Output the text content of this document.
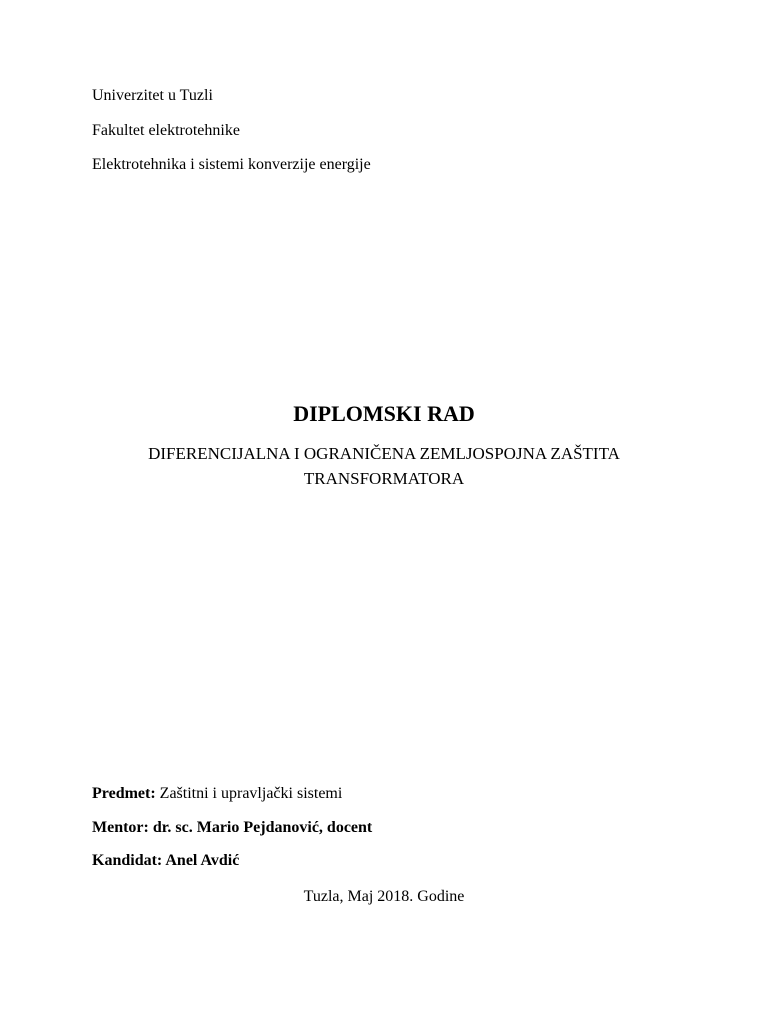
Univerzitet u Tuzli
Fakultet elektrotehnike
Elektrotehnika i sistemi konverzije energije
DIPLOMSKI RAD
DIFERENCIJALNA I OGRANIČENA ZEMLJOSPOJNA ZAŠTITA
TRANSFORMATORA
Predmet: Zaštitni i upravljački sistemi
Mentor: dr. sc. Mario Pejdanović, docent
Kandidat: Anel Avdić
Tuzla, Maj 2018. Godine
